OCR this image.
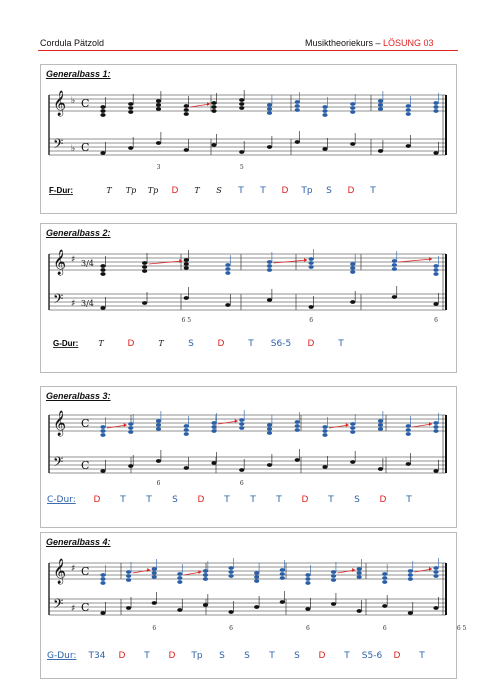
Cordula Pätzold	Musiktheoriekurs – LÖSUNG 03
Generalbass 1:
𝄞
𝄢
♭
♭
C
C
3	5
F-Dur:	T Tp Tp D T S T T D Tp S D T
Generalbass 2:
𝄞
𝄢
♯
♯
3/4
3/4
6 5	6	6
G-Dur:	T	D	T	S	D	T S6-5 D	T
Generalbass 3:
𝄞
𝄢
C
C
6	6
C-Dur: D T T S D T T T D T S D T
Generalbass 4:
𝄞
𝄢
♯
♯
C
C
6	6	6	6	6 5
G-Dur: T34 D T D Tp S S T S D T S5-6 D T
